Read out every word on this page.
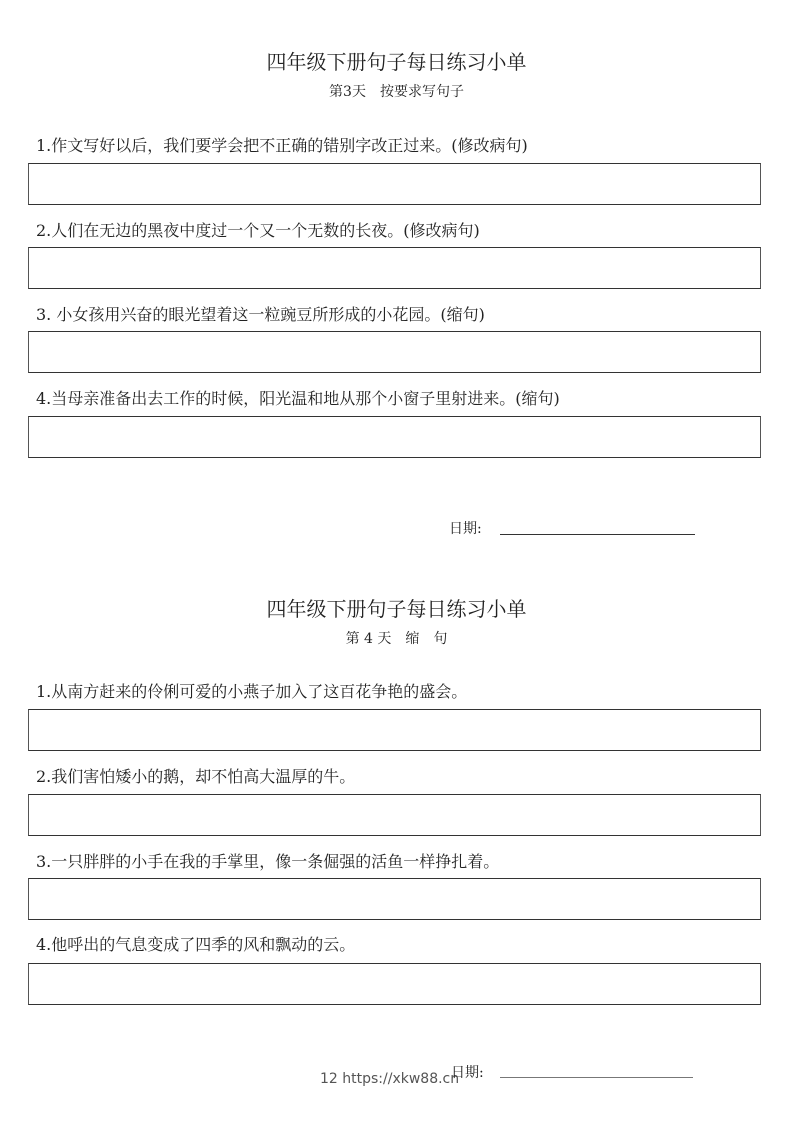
四年级下册句子每日练习小单
第3天　按要求写句子
1.作文写好以后，我们要学会把不正确的错别字改正过来。(修改病句)
2.人们在无边的黑夜中度过一个又一个无数的长夜。(修改病句)
3. 小女孩用兴奋的眼光望着这一粒豌豆所形成的小花园。(缩句)
4.当母亲准备出去工作的时候，阳光温和地从那个小窗子里射进来。(缩句)
日期:
四年级下册句子每日练习小单
第 4 天　缩　句
1.从南方赶来的伶俐可爱的小燕子加入了这百花争艳的盛会。
2.我们害怕矮小的鹅，却不怕高大温厚的牛。
3.一只胖胖的小手在我的手掌里，像一条倔强的活鱼一样挣扎着。
4.他呼出的气息变成了四季的风和飘动的云。
12 https://xkw88.cn
日期:
